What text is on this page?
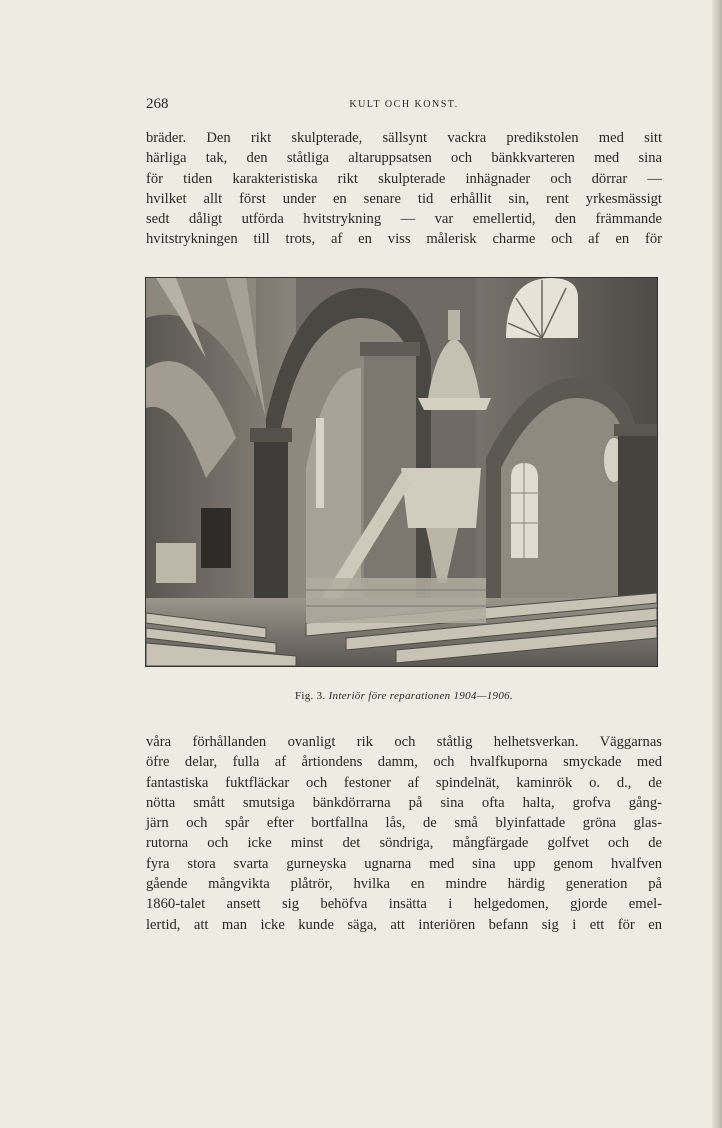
268	KULT OCH KONST.
bräder. Den rikt skulpterade, sällsynt vackra predikstolen med sitt
härliga tak, den ståtliga altaruppsatsen och bänkkvarteren med sina
för tiden karakteristiska rikt skulpterade inhägnader och dörrar —
hvilket allt först under en senare tid erhållit sin, rent yrkesmässigt
sedt dåligt utförda hvitstrykning — var emellertid, den främmande
hvitstrykningen till trots, af en viss målerisk charme och af en för
Fig. 3. Interiör före reparationen 1904—1906.
våra förhållanden ovanligt rik och ståtlig helhetsverkan. Väggarnas
öfre delar, fulla af årtiondens damm, och hvalfkuporna smyckade med
fantastiska fuktfläckar och festoner af spindelnät, kaminrök o. d., de
nötta smått smutsiga bänkdörrarna på sina ofta halta, grofva gång-
järn och spår efter bortfallna lås, de små blyinfattade gröna glas-
rutorna och icke minst det söndriga, mångfärgade golfvet och de
fyra stora svarta gurneyska ugnarna med sina upp genom hvalfven
gående mångvikta plåtrör, hvilka en mindre härdig generation på
1860-talet ansett sig behöfva insätta i helgedomen, gjorde emel-
lertid, att man icke kunde säga, att interiören befann sig i ett för en
